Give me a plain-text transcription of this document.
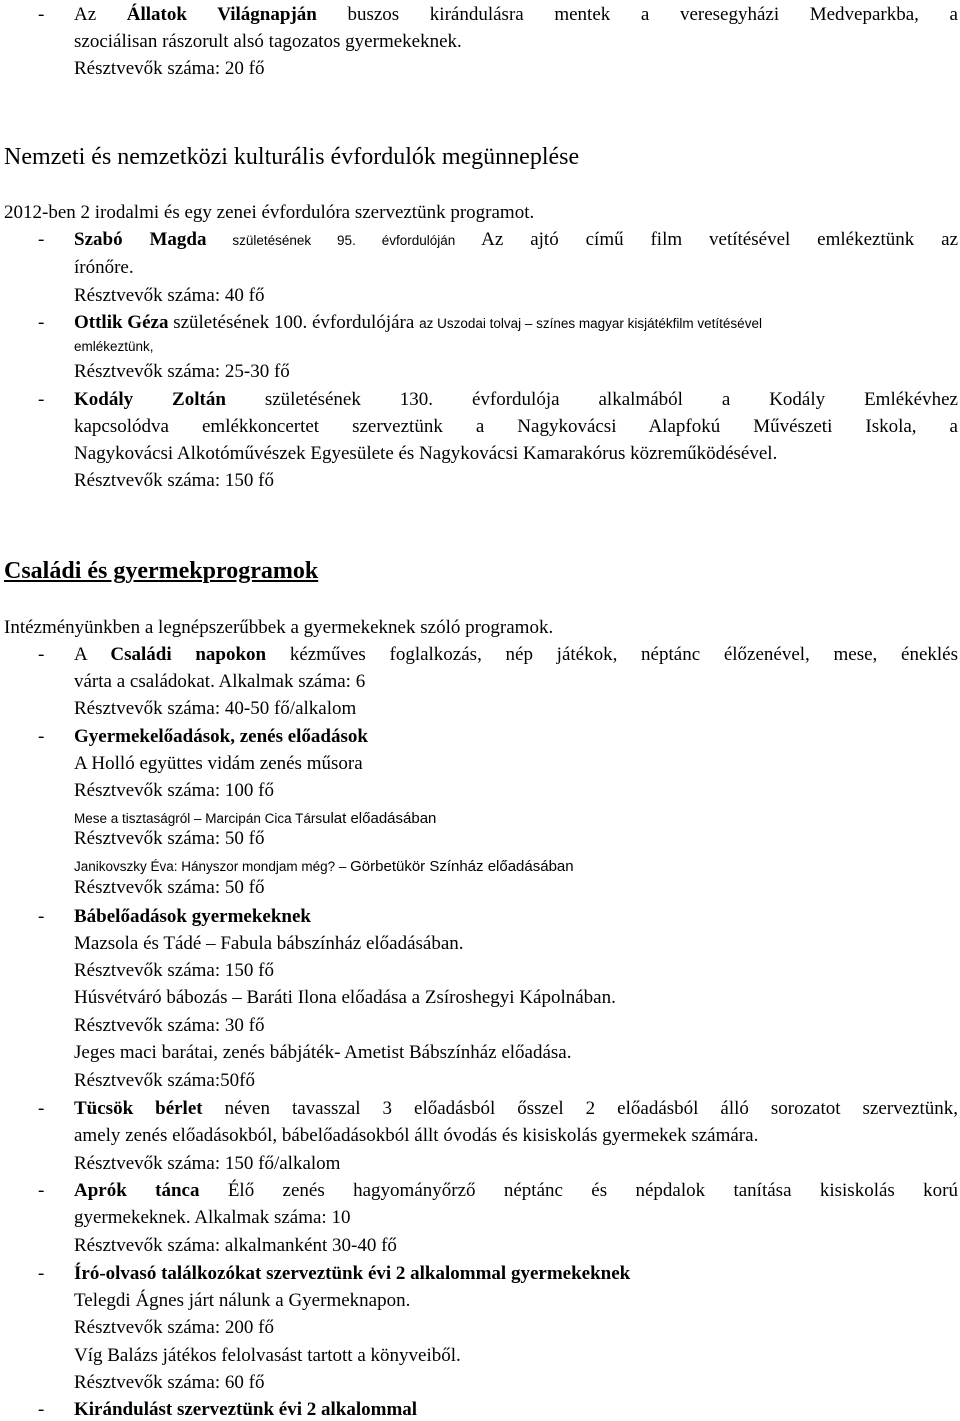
- Az Állatok Világnapján buszos kirándulásra mentek a veresegyházi Medveparkba, a
szociálisan rászorult alsó tagozatos gyermekeknek.
Résztvevők száma: 20 fő
Nemzeti és nemzetközi kulturális évfordulók megünneplése
2012-ben 2 irodalmi és egy zenei évfordulóra szerveztünk programot.
- Szabó Magda születésének 95. évfordulóján Az ajtó című film vetítésével emlékeztünk az
írónőre.
Résztvevők száma: 40 fő
- Ottlik Géza születésének 100. évfordulójára az Uszodai tolvaj – színes magyar kisjátékfilm vetítésével
emlékeztünk,
Résztvevők száma: 25-30 fő
- Kodály Zoltán születésének 130. évfordulója alkalmából a Kodály Emlékévhez
kapcsolódva emlékkoncertet szerveztünk a Nagykovácsi Alapfokú Művészeti Iskola, a
Nagykovácsi Alkotóművészek Egyesülete és Nagykovácsi Kamarakórus közreműködésével.
Résztvevők száma: 150 fő
Családi és gyermekprogramok
Intézményünkben a legnépszerűbbek a gyermekeknek szóló programok.
- A Családi napokon kézműves foglalkozás, nép játékok, néptánc élőzenével, mese, éneklés
várta a családokat. Alkalmak száma: 6
Résztvevők száma: 40-50 fő/alkalom
- Gyermekelőadások, zenés előadások
A Holló együttes vidám zenés műsora
Résztvevők száma: 100 fő
Mese a tisztaságról – Marcipán Cica Társulat előadásában
Résztvevők száma: 50 fő
Janikovszky Éva: Hányszor mondjam még? – Görbetükör Színház előadásában
Résztvevők száma: 50 fő
- Bábelőadások gyermekeknek
Mazsola és Tádé – Fabula bábszínház előadásában.
Résztvevők száma: 150 fő
Húsvétváró bábozás – Baráti Ilona előadása a Zsíroshegyi Kápolnában.
Résztvevők száma: 30 fő
Jeges maci barátai, zenés bábjáték- Ametist Bábszínház előadása.
Résztvevők száma:50fő
- Tücsök bérlet néven tavasszal 3 előadásból ősszel 2 előadásból álló sorozatot szerveztünk,
amely zenés előadásokból, bábelőadásokból állt óvodás és kisiskolás gyermekek számára.
Résztvevők száma: 150 fő/alkalom
- Aprók tánca Élő zenés hagyományőrző néptánc és népdalok tanítása kisiskolás korú
gyermekeknek. Alkalmak száma: 10
Résztvevők száma: alkalmanként 30-40 fő
- Író-olvasó találkozókat szerveztünk évi 2 alkalommal gyermekeknek
Telegdi Ágnes járt nálunk a Gyermeknapon.
Résztvevők száma: 200 fő
Víg Balázs játékos felolvasást tartott a könyveiből.
Résztvevők száma: 60 fő
- Kirándulást szerveztünk évi 2 alkalommal
